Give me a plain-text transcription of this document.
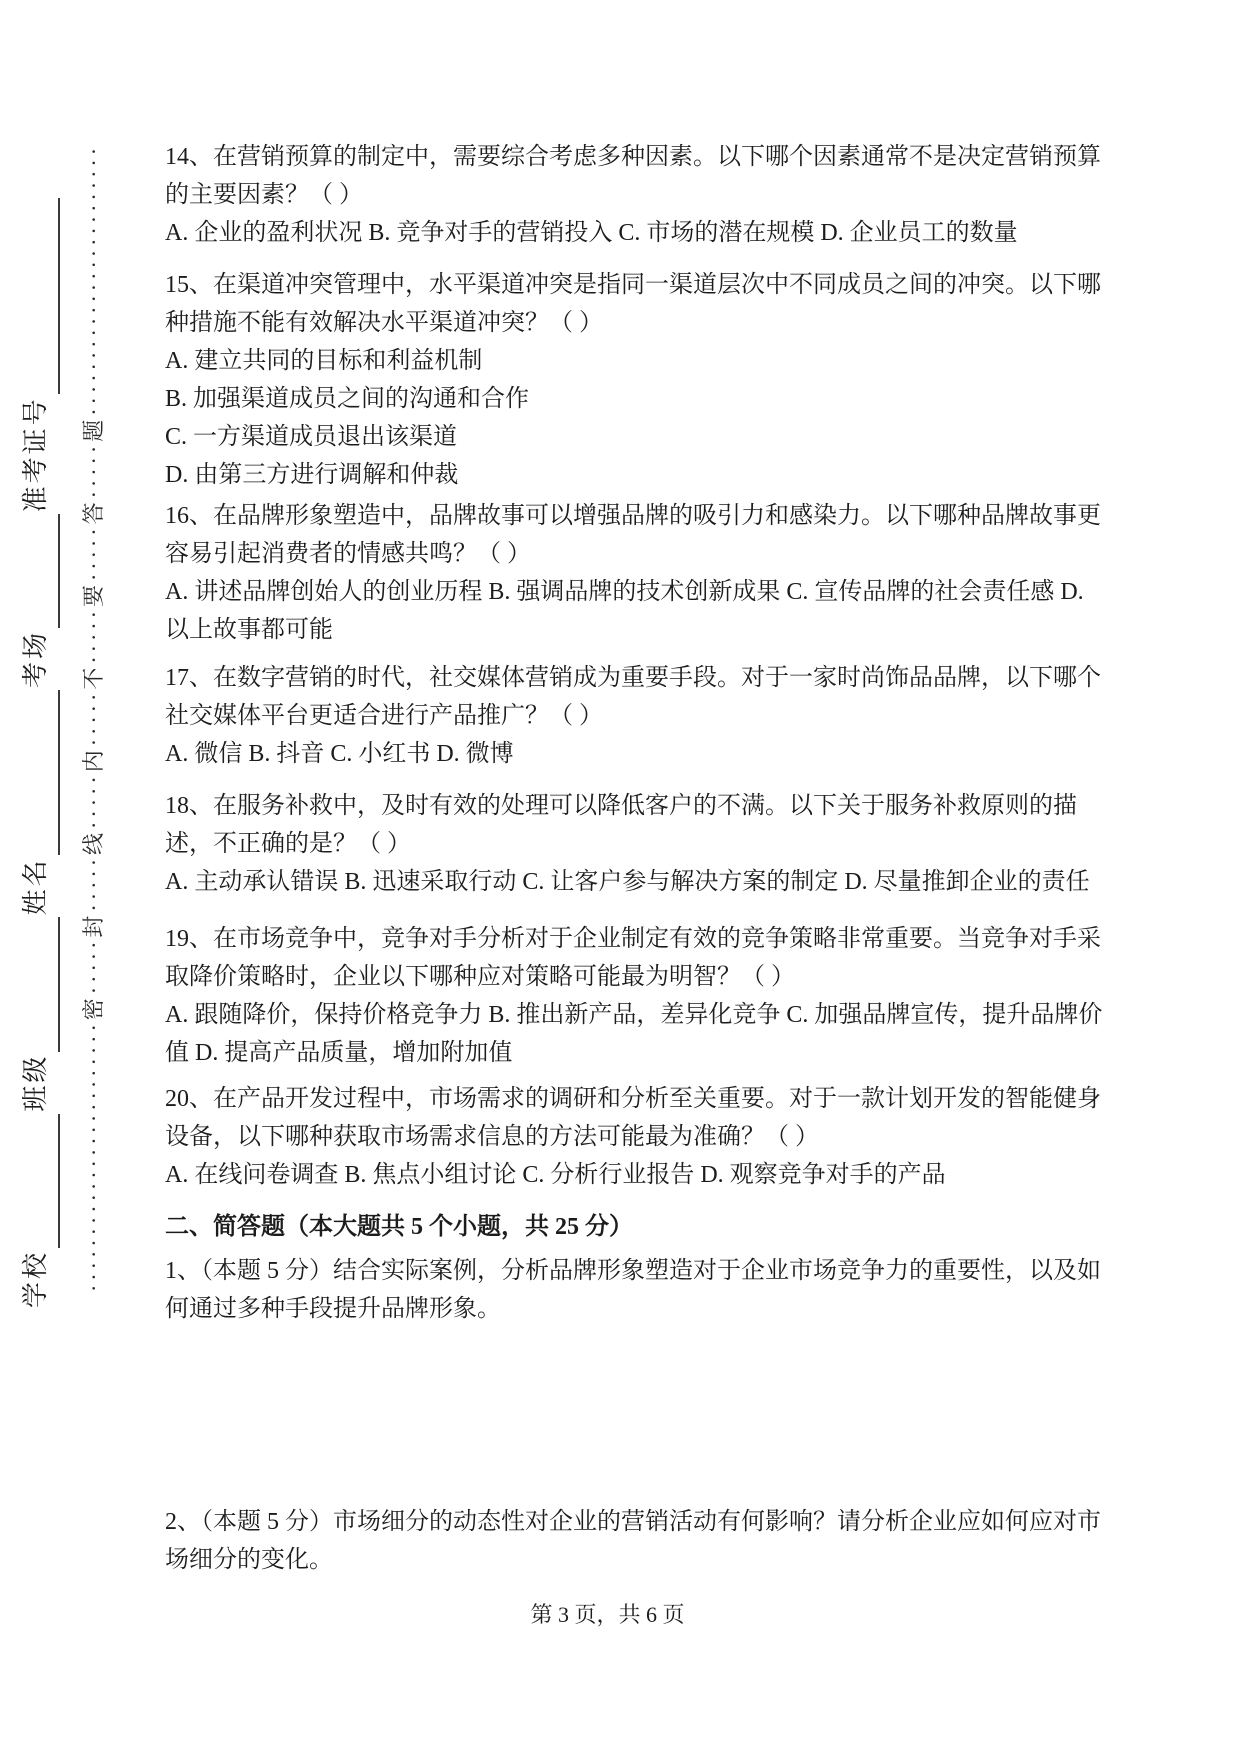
学校
班级
姓名
考场
准考证号	························密·····封·····线·····内·····不·····要·····答·····题························ 14、在营销预算的制定中，需要综合考虑多种因素。以下哪个因素通常不是决定营销预算

的主要因素？（ ）

A. 企业的盈利状况 B. 竞争对手的营销投入 C. 市场的潜在规模 D. 企业员工的数量

15、在渠道冲突管理中，水平渠道冲突是指同一渠道层次中不同成员之间的冲突。以下哪

种措施不能有效解决水平渠道冲突？（ ）

A. 建立共同的目标和利益机制

B. 加强渠道成员之间的沟通和合作

C. 一方渠道成员退出该渠道

D. 由第三方进行调解和仲裁

16、在品牌形象塑造中，品牌故事可以增强品牌的吸引力和感染力。以下哪种品牌故事更

容易引起消费者的情感共鸣？（ ）

A. 讲述品牌创始人的创业历程 B. 强调品牌的技术创新成果 C. 宣传品牌的社会责任感 D.

以上故事都可能

17、在数字营销的时代，社交媒体营销成为重要手段。对于一家时尚饰品品牌，以下哪个

社交媒体平台更适合进行产品推广？（ ）

A. 微信 B. 抖音 C. 小红书 D. 微博

18、在服务补救中，及时有效的处理可以降低客户的不满。以下关于服务补救原则的描

述，不正确的是？（ ）

A. 主动承认错误 B. 迅速采取行动 C. 让客户参与解决方案的制定 D. 尽量推卸企业的责任

19、在市场竞争中，竞争对手分析对于企业制定有效的竞争策略非常重要。当竞争对手采

取降价策略时，企业以下哪种应对策略可能最为明智？（ ）

A. 跟随降价，保持价格竞争力 B. 推出新产品，差异化竞争 C. 加强品牌宣传，提升品牌价

值 D. 提高产品质量，增加附加值

20、在产品开发过程中，市场需求的调研和分析至关重要。对于一款计划开发的智能健身

设备，以下哪种获取市场需求信息的方法可能最为准确？（ ）

A. 在线问卷调查 B. 焦点小组讨论 C. 分析行业报告 D. 观察竞争对手的产品

二、简答题（本大题共 5 个小题，共 25 分）

1、（本题 5 分）结合实际案例，分析品牌形象塑造对于企业市场竞争力的重要性，以及如

何通过多种手段提升品牌形象。

2、（本题 5 分）市场细分的动态性对企业的营销活动有何影响？请分析企业应如何应对市

场细分的变化。

第 3 页，共 6 页
